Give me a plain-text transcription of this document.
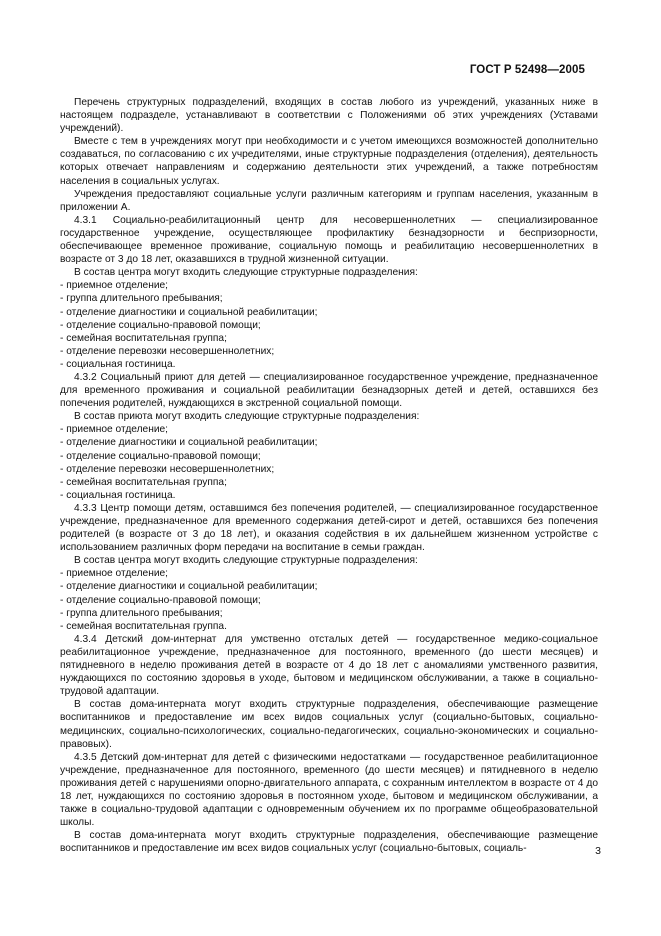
ГОСТ Р 52498—2005

Перечень структурных подразделений, входящих в состав любого из учреждений, указанных ниже в настоящем подразделе, устанавливают в соответствии с Положениями об этих учреждениях (Уставами учреждений).

Вместе с тем в учреждениях могут при необходимости и с учетом имеющихся возможностей дополнительно создаваться, по согласованию с их учредителями, иные структурные подразделения (отделения), деятельность которых отвечает направлениям и содержанию деятельности этих учреждений, а также потребностям населения в социальных услугах.

Учреждения предоставляют социальные услуги различным категориям и группам населения, указанным в приложении А.

4.3.1 Социально-реабилитационный центр для несовершеннолетних — специализированное государственное учреждение, осуществляющее профилактику безнадзорности и беспризорности, обеспечивающее временное проживание, социальную помощь и реабилитацию несовершеннолетних в возрасте от 3 до 18 лет, оказавшихся в трудной жизненной ситуации.

В состав центра могут входить следующие структурные подразделения:

- приемное отделение;

- группа длительного пребывания;

- отделение диагностики и социальной реабилитации;

- отделение социально-правовой помощи;

- семейная воспитательная группа;

- отделение перевозки несовершеннолетних;

- социальная гостиница.

4.3.2 Социальный приют для детей — специализированное государственное учреждение, предназначенное для временного проживания и социальной реабилитации безнадзорных детей и детей, оставшихся без попечения родителей, нуждающихся в экстренной социальной помощи.

В состав приюта могут входить следующие структурные подразделения:

- приемное отделение;

- отделение диагностики и социальной реабилитации;

- отделение социально-правовой помощи;

- отделение перевозки несовершеннолетних;

- семейная воспитательная группа;

- социальная гостиница.

4.3.3 Центр помощи детям, оставшимся без попечения родителей, — специализированное государственное учреждение, предназначенное для временного содержания детей-сирот и детей, оставшихся без попечения родителей (в возрасте от 3 до 18 лет), и оказания содействия в их дальнейшем жизненном устройстве с использованием различных форм передачи на воспитание в семьи граждан.

В состав центра могут входить следующие структурные подразделения:

- приемное отделение;

- отделение диагностики и социальной реабилитации;

- отделение социально-правовой помощи;

- группа длительного пребывания;

- семейная воспитательная группа.

4.3.4 Детский дом-интернат для умственно отсталых детей — государственное медико-социальное реабилитационное учреждение, предназначенное для постоянного, временного (до шести месяцев) и пятидневного в неделю проживания детей в возрасте от 4 до 18 лет с аномалиями умственного развития, нуждающихся по состоянию здоровья в уходе, бытовом и медицинском обслуживании, а также в социально-трудовой адаптации.

В состав дома-интерната могут входить структурные подразделения, обеспечивающие размещение воспитанников и предоставление им всех видов социальных услуг (социально-бытовых, социально-медицинских, социально-психологических, социально-педагогических, социально-экономических и социально-правовых).

4.3.5 Детский дом-интернат для детей с физическими недостатками — государственное реабилитационное учреждение, предназначенное для постоянного, временного (до шести месяцев) и пятидневного в неделю проживания детей с нарушениями опорно-двигательного аппарата, с сохранным интеллектом в возрасте от 4 до 18 лет, нуждающихся по состоянию здоровья в постоянном уходе, бытовом и медицинском обслуживании, а также в социально-трудовой адаптации с одновременным обучением их по программе общеобразовательной школы.

В состав дома-интерната могут входить структурные подразделения, обеспечивающие размещение воспитанников и предоставление им всех видов социальных услуг (социально-бытовых, социаль-	3
